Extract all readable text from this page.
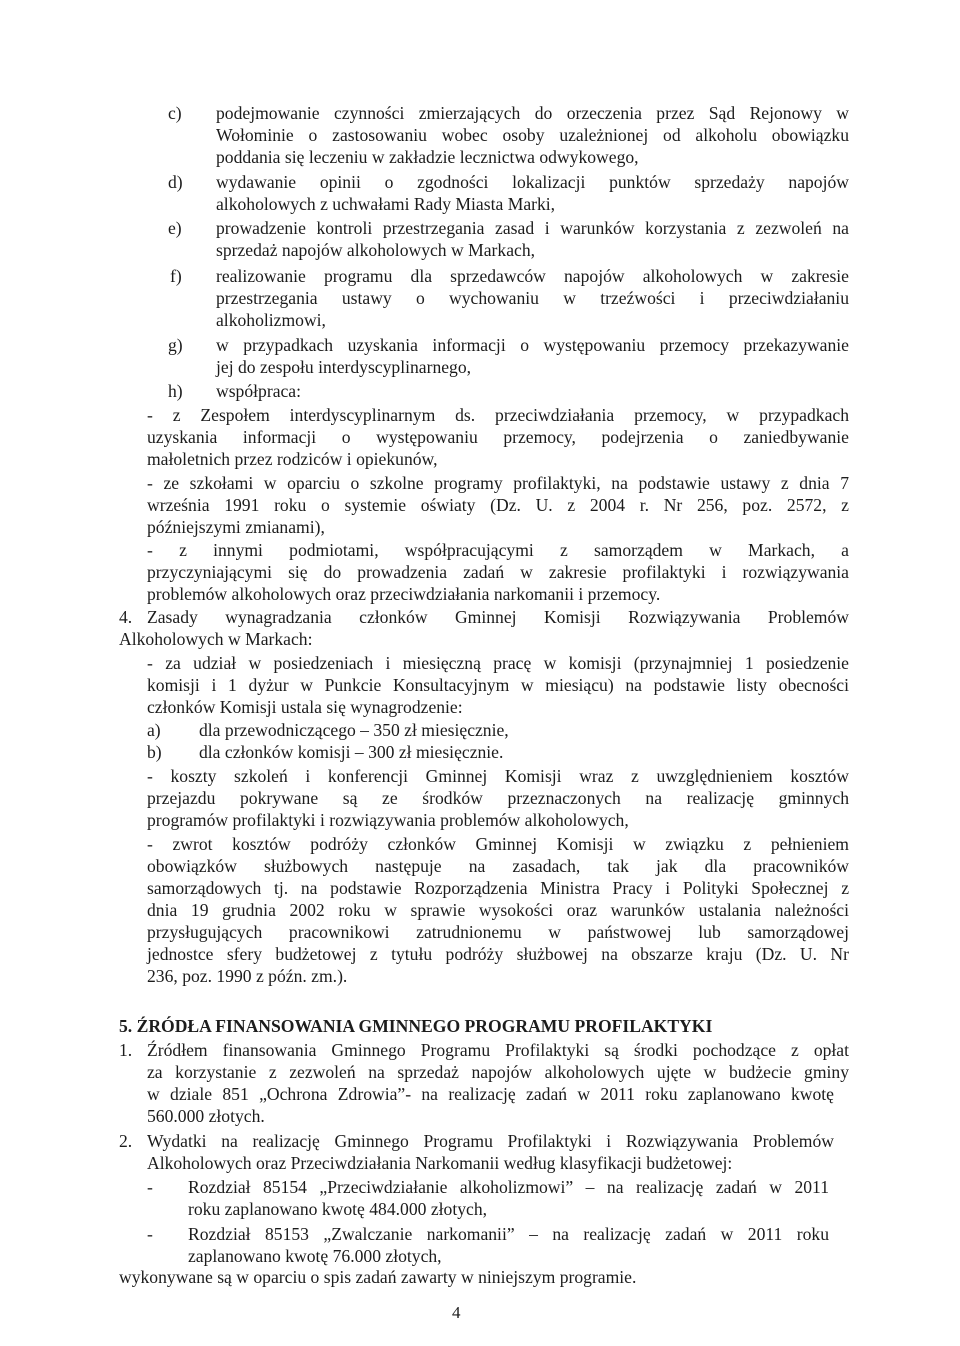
c) podejmowanie czynności zmierzających do orzeczenia przez Sąd Rejonowy w
Wołominie o zastosowaniu wobec osoby uzależnionej od alkoholu obowiązku
poddania się leczeniu w zakładzie lecznictwa odwykowego,
d) wydawanie opinii o zgodności lokalizacji punktów sprzedaży napojów
alkoholowych z uchwałami Rady Miasta Marki,
e) prowadzenie kontroli przestrzegania zasad i warunków korzystania z zezwoleń na
sprzedaż napojów alkoholowych w Markach,
f) realizowanie programu dla sprzedawców napojów alkoholowych w zakresie
przestrzegania ustawy o wychowaniu w trzeźwości i przeciwdziałaniu
alkoholizmowi,
g) w przypadkach uzyskania informacji o występowaniu przemocy przekazywanie
jej do zespołu interdyscyplinarnego,
h) współpraca:
- z Zespołem interdyscyplinarnym ds. przeciwdziałania przemocy, w przypadkach
uzyskania informacji o występowaniu przemocy, podejrzenia o zaniedbywanie
małoletnich przez rodziców i opiekunów,
- ze szkołami w oparciu o szkolne programy profilaktyki, na podstawie ustawy z dnia 7
września 1991 roku o systemie oświaty (Dz. U. z 2004 r. Nr 256, poz. 2572, z
późniejszymi zmianami),
- z innymi podmiotami, współpracującymi z samorządem w Markach, a
przyczyniającymi się do prowadzenia zadań w zakresie profilaktyki i rozwiązywania
problemów alkoholowych oraz przeciwdziałania narkomanii i przemocy.
4. Zasady wynagradzania członków Gminnej Komisji Rozwiązywania Problemów
Alkoholowych w Markach:
- za udział w posiedzeniach i miesięczną pracę w komisji (przynajmniej 1 posiedzenie
komisji i 1 dyżur w Punkcie Konsultacyjnym w miesiącu) na podstawie listy obecności
członków Komisji ustala się wynagrodzenie:
a) dla przewodniczącego – 350 zł miesięcznie,
b) dla członków komisji – 300 zł miesięcznie.
- koszty szkoleń i konferencji Gminnej Komisji wraz z uwzględnieniem kosztów
przejazdu pokrywane są ze środków przeznaczonych na realizację gminnych
programów profilaktyki i rozwiązywania problemów alkoholowych,
- zwrot kosztów podróży członków Gminnej Komisji w związku z pełnieniem
obowiązków służbowych następuje na zasadach, tak jak dla pracowników
samorządowych tj. na podstawie Rozporządzenia Ministra Pracy i Polityki Społecznej z
dnia 19 grudnia 2002 roku w sprawie wysokości oraz warunków ustalania należności
przysługujących pracownikowi zatrudnionemu w państwowej lub samorządowej
jednostce sfery budżetowej z tytułu podróży służbowej na obszarze kraju (Dz. U. Nr
236, poz. 1990 z późn. zm.).
5. ŹRÓDŁA FINANSOWANIA GMINNEGO PROGRAMU PROFILAKTYKI
1. Źródłem finansowania Gminnego Programu Profilaktyki są środki pochodzące z opłat
za korzystanie z zezwoleń na sprzedaż napojów alkoholowych ujęte w budżecie gminy
w dziale 851 „Ochrona Zdrowia”- na realizację zadań w 2011 roku zaplanowano kwotę
560.000 złotych.
2. Wydatki na realizację Gminnego Programu Profilaktyki i Rozwiązywania Problemów
Alkoholowych oraz Przeciwdziałania Narkomanii według klasyfikacji budżetowej:
- Rozdział 85154 „Przeciwdziałanie alkoholizmowi” – na realizację zadań w 2011
roku zaplanowano kwotę 484.000 złotych,
- Rozdział 85153 „Zwalczanie narkomanii” – na realizację zadań w 2011 roku
zaplanowano kwotę 76.000 złotych,
wykonywane są w oparciu o spis zadań zawarty w niniejszym programie.
4
